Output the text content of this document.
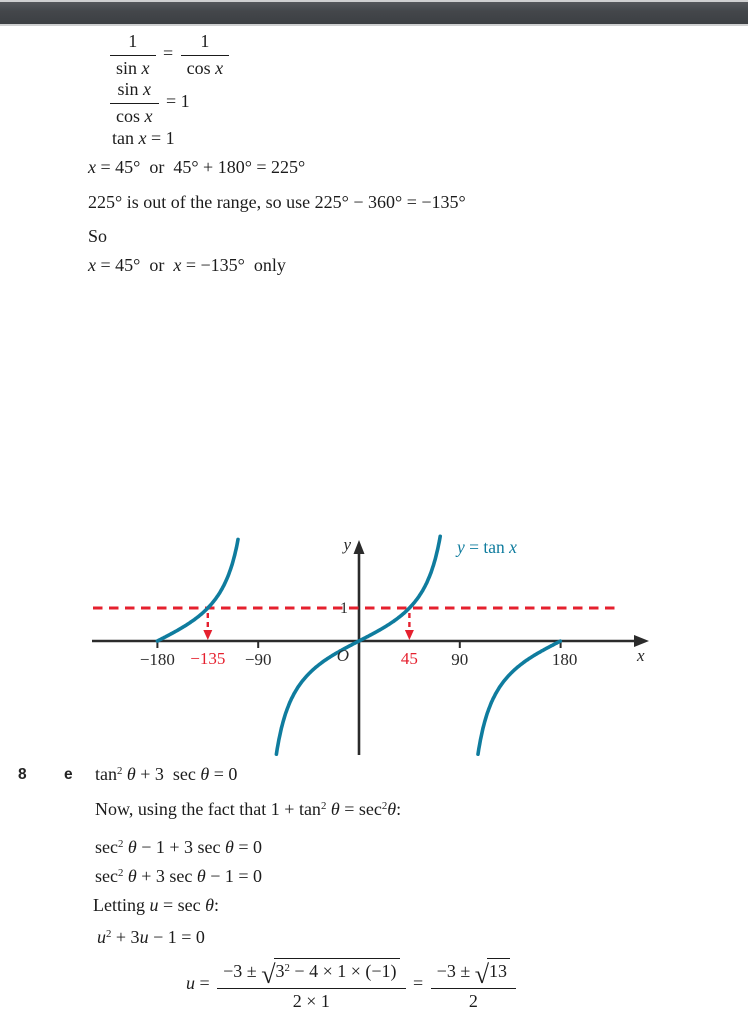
$\frac{1}{\text{sin x}} = \frac{1}{\text{cos x}}$
$\frac{\text{sin x}}{\text{cos x}} = 1$
tan x = 1
x = 45°  or  45° + 180° = 225°
225° is out of the range, so use 225° − 360° = −135°
So
x = 45°  or  x = −135°  only
−180 −135 −90	45 90	180
y
x
O
1
y = tan x
8 e $\tan^2 \theta + 3$  sec θ = 0
Now, using the fact that $1 + \tan^2 \theta = \sec^2\theta$:
$\sec^2 \theta - 1 + 3$ sec θ = 0
$\sec^2 \theta + 3$ sec θ − 1 = 0
Letting u = sec θ:
$u^2 + 3u - 1 = 0$
$u = \frac{-3 \pm √3^2 - 4 \times 1 \times (-1)}{2 \times 1} = \frac{-3 \pm √13}{2}$
